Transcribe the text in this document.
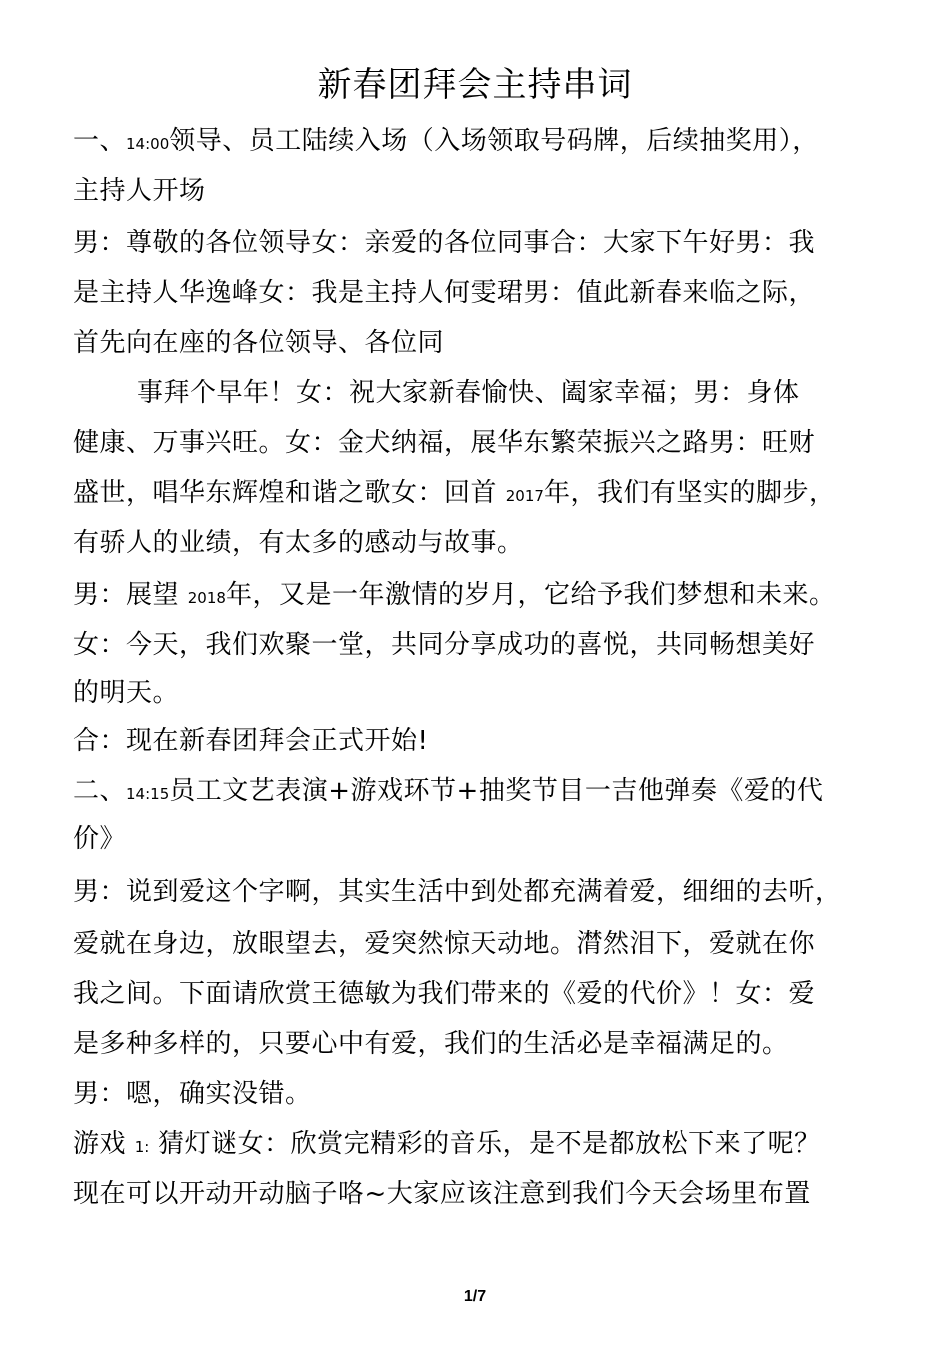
新春团拜会主持串词
一、14:00领导、员工陆续入场（入场领取号码牌，后续抽奖用），
主持人开场
男：尊敬的各位领导女：亲爱的各位同事合：大家下午好男：我
是主持人华逸峰女：我是主持人何雯珺男：值此新春来临之际，
首先向在座的各位领导、各位同
事拜个早年！女：祝大家新春愉快、阖家幸福；男：身体
健康、万事兴旺。女：金犬纳福，展华东繁荣振兴之路男：旺财
盛世，唱华东辉煌和谐之歌女：回首 2017年，我们有坚实的脚步，
有骄人的业绩，有太多的感动与故事。
男：展望 2018年，又是一年激情的岁月，它给予我们梦想和未来。
女：今天，我们欢聚一堂，共同分享成功的喜悦，共同畅想美好
的明天。
合：现在新春团拜会正式开始!
二、14:15员工文艺表演+游戏环节+抽奖节目一吉他弹奏《爱的代
价》
男：说到爱这个字啊，其实生活中到处都充满着爱，细细的去听，
爱就在身边，放眼望去，爱突然惊天动地。潸然泪下，爱就在你
我之间。下面请欣赏王德敏为我们带来的《爱的代价》！女：爱
是多种多样的，只要心中有爱，我们的生活必是幸福满足的。
男：嗯，确实没错。
游戏 1: 猜灯谜女：欣赏完精彩的音乐，是不是都放松下来了呢？
现在可以开动开动脑子咯~大家应该注意到我们今天会场里布置
1/7
